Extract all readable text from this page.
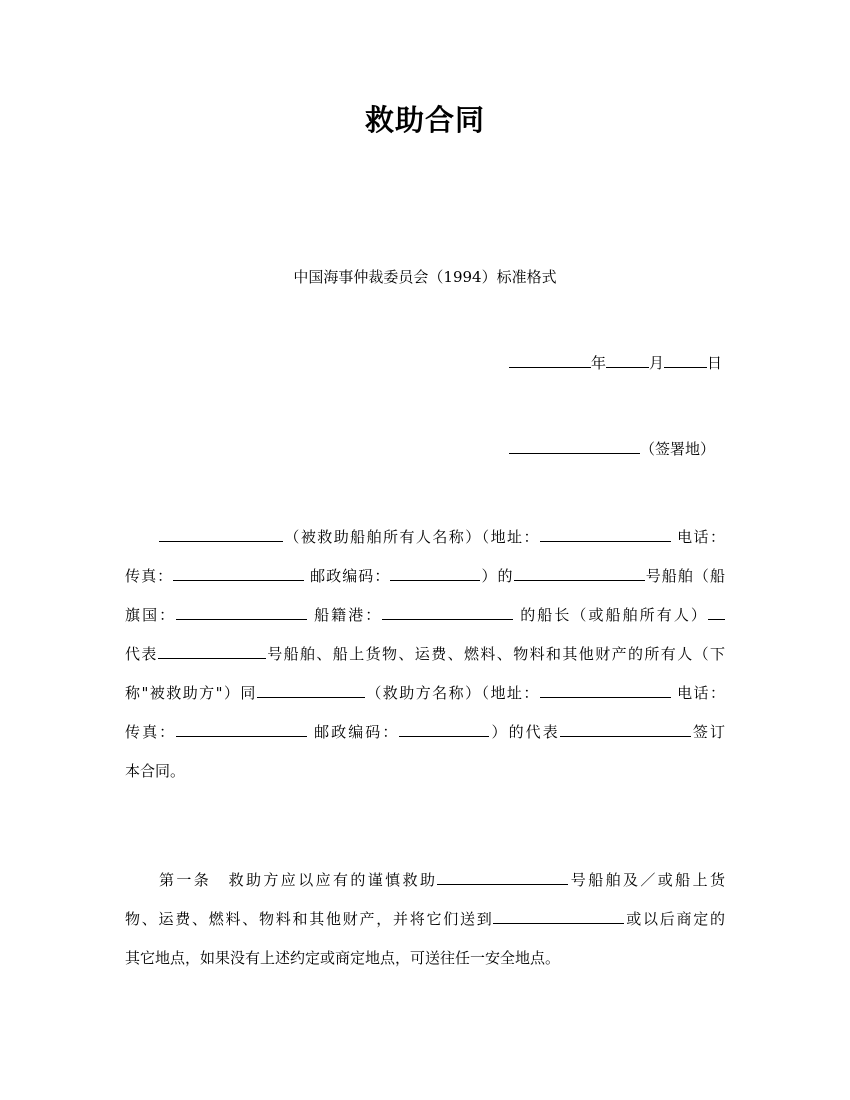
救助合同
中国海事仲裁委员会（1994）标准格式
年	月	日
（签署地）
（被救助船舶所有人名称）（地址：	电话：
传真：	邮政编码：	）的	号船舶（船
旗国：	船籍港：	的船长（或船舶所有人）
代表	号船舶、船上货物、运费、燃料、物料和其他财产的所有人（下
称"被救助方"）同	（救助方名称）（地址：	电话：
传真：	邮政编码：	）的代表	签订
本合同。
第一条　救助方应以应有的谨慎救助	号船舶及／或船上货
物、运费、燃料、物料和其他财产，并将它们送到	或以后商定的
其它地点，如果没有上述约定或商定地点，可送往任一安全地点。
